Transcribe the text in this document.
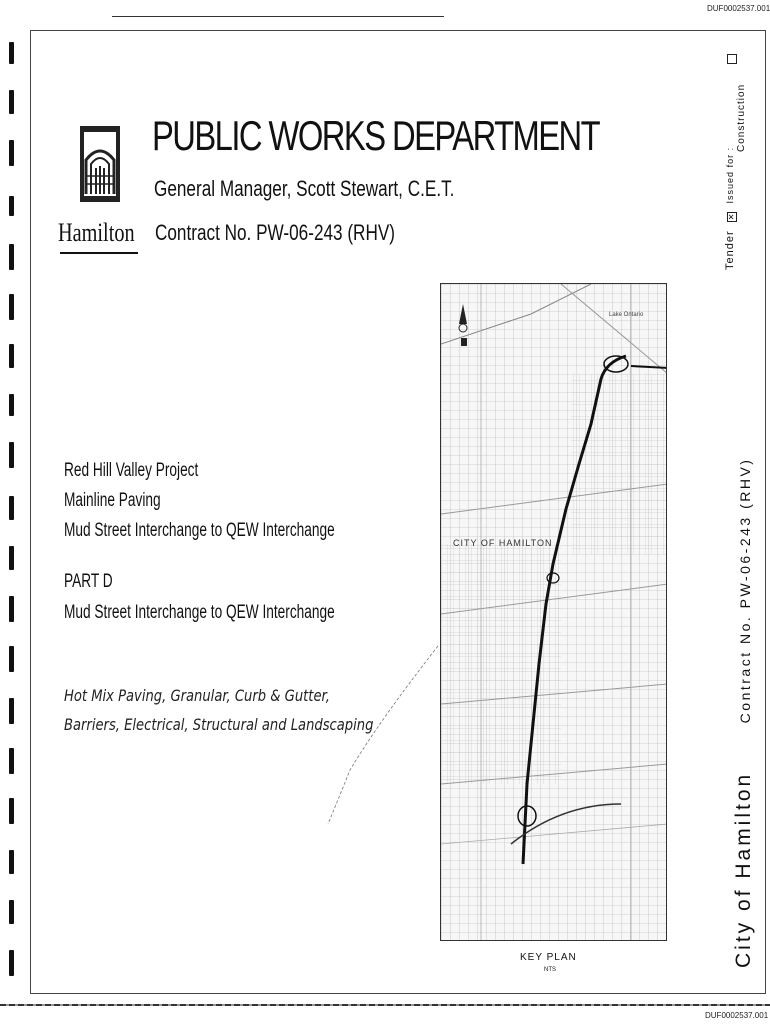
DUF0002537.001
Hamilton
PUBLIC WORKS DEPARTMENT
General Manager, Scott Stewart, C.E.T.
Contract No. PW-06-243 (RHV)
Red Hill Valley Project
Mainline Paving
Mud Street Interchange to QEW Interchange
PART D
Mud Street Interchange to QEW Interchange
Hot Mix Paving, Granular, Curb & Gutter,
Barriers, Electrical, Structural and Landscaping
Lake Ontario
CITY OF HAMILTON
KEY PLAN
NTS
City of Hamilton Contract No. PW-06-243 (RHV)
Tender ✕ Issued for :
Construction
DUF0002537.001
